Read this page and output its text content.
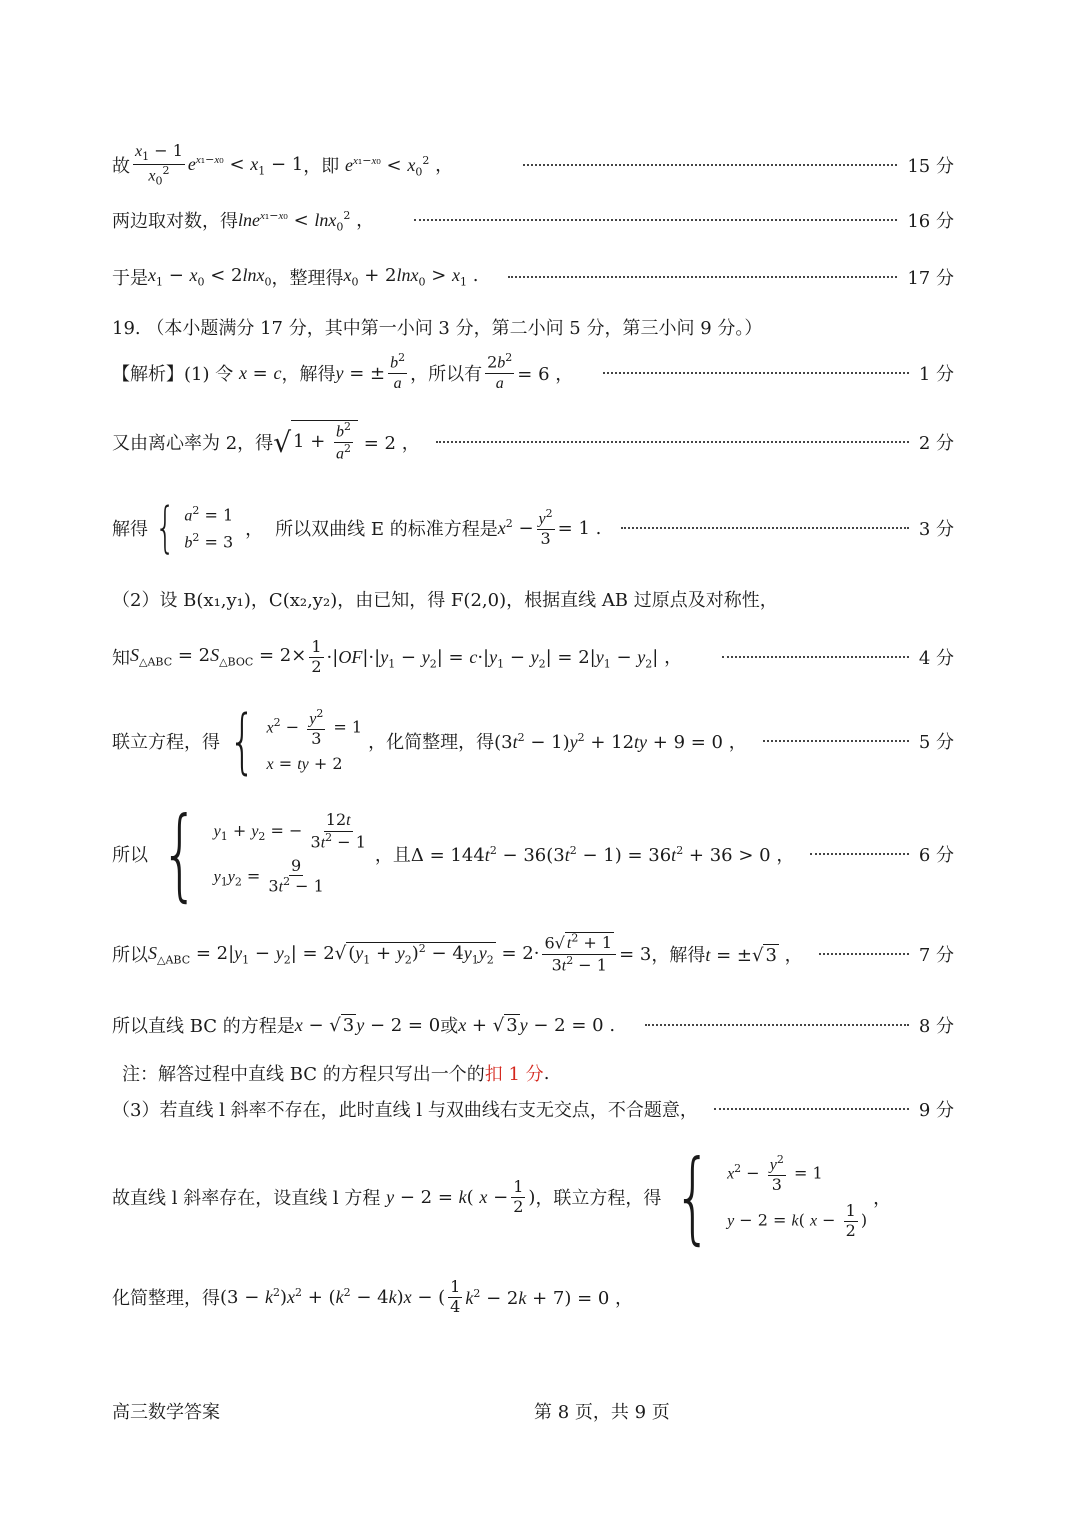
故 $\frac{x_1 - 1}{x_0^2} e^{x_1-x_0} < x_1 - 1$ ，即 $e^{x_1-x_0} < x_0^2$ ，	15 分
两边取对数，得 lne$^{x_1-x_0}$ < lnx$_0^2$ ，	16 分
于是 $x_1 - x_0 < 2\ln x_0$ ，整理得 $x_0 + 2\ln x_0 > x_1$ .	17 分
19. （本小题满分 17 分，其中第一小问 3 分，第二小问 5 分，第三小问 9 分。）
【解析】(1) 令 x = c ，解得 y = ± $\frac{b^2}{a}$ ，所以有 $\frac{2b^2}{a} = 6$ ，	1 分
又由离心率为 2，得 √ $1 + \frac{b^2}{a^2} = 2$ ，	2 分
解得 { $a^2 = 1$
$b^2 = 3$
， 所以双曲线 E 的标准方程是 $x^2 - \frac{y^2}{3} = 1$ .	3 分
（2）设 B(x₁,y₁)，C(x₂,y₂)，由已知，得 F(2,0)，根据直线 AB 过原点及对称性，
知 $S_{\triangle ABC} = 2S_{\triangle BOC} = 2\times \frac{1}{2} \cdot|OF|\cdot|y_1 - y_2| = c\cdot|y_1 - y_2| = 2|y_1 - y_2|$ ，	4 分
联立方程，得 { $x^2 - \frac{y^2}{3} = 1$
x = ty + 2
，化简整理，得 $(3t^2 - 1)y^2 + 12ty + 9 = 0$ ，	5 分
所以 { $y_1 + y_2$ = − $\frac{12t}{3t^2 - 1}$
$y_1y_2 = \frac{9}{3t^2 - 1}$
，且 $\Delta = 144t^2 - 36(3t^2 - 1) = 36t^2 + 36 > 0$ ，	6 分
所以 $S_{\triangle ABC} = 2|y_1 - y_2| = 2√$ $(y_1 + y_2)^2 - 4y_1y_2 = 2\cdot \frac{6√ t^2 + 1}{3t^2 - 1} = 3$ ，解得 t = ±√ 3 ，	7 分
所以直线 BC 的方程是 x − √ 3 y − 2 = 0 或 x + √ 3 y − 2 = 0 .	8 分
注：解答过程中直线 BC 的方程只写出一个的 扣 1 分 .
（3）若直线 l 斜率不存在，此时直线 l 与双曲线右支无交点，不合题意，	9 分
故直线 l 斜率存在，设直线 l 方程 y − 2 = k( $x - \frac{1}{2}$ ) ，联立方程，得 { $x^2 - \frac{y^2}{3} = 1$
y − 2 = k( $x - \frac{1}{2}$ )
，
化简整理，得 $(3 - k^2)x^2 + (k^2 - 4k)x$ − ( $\frac{1}{4} k^2 - 2k + 7) = 0$ ，
高三数学答案	第 8 页，共 9 页
